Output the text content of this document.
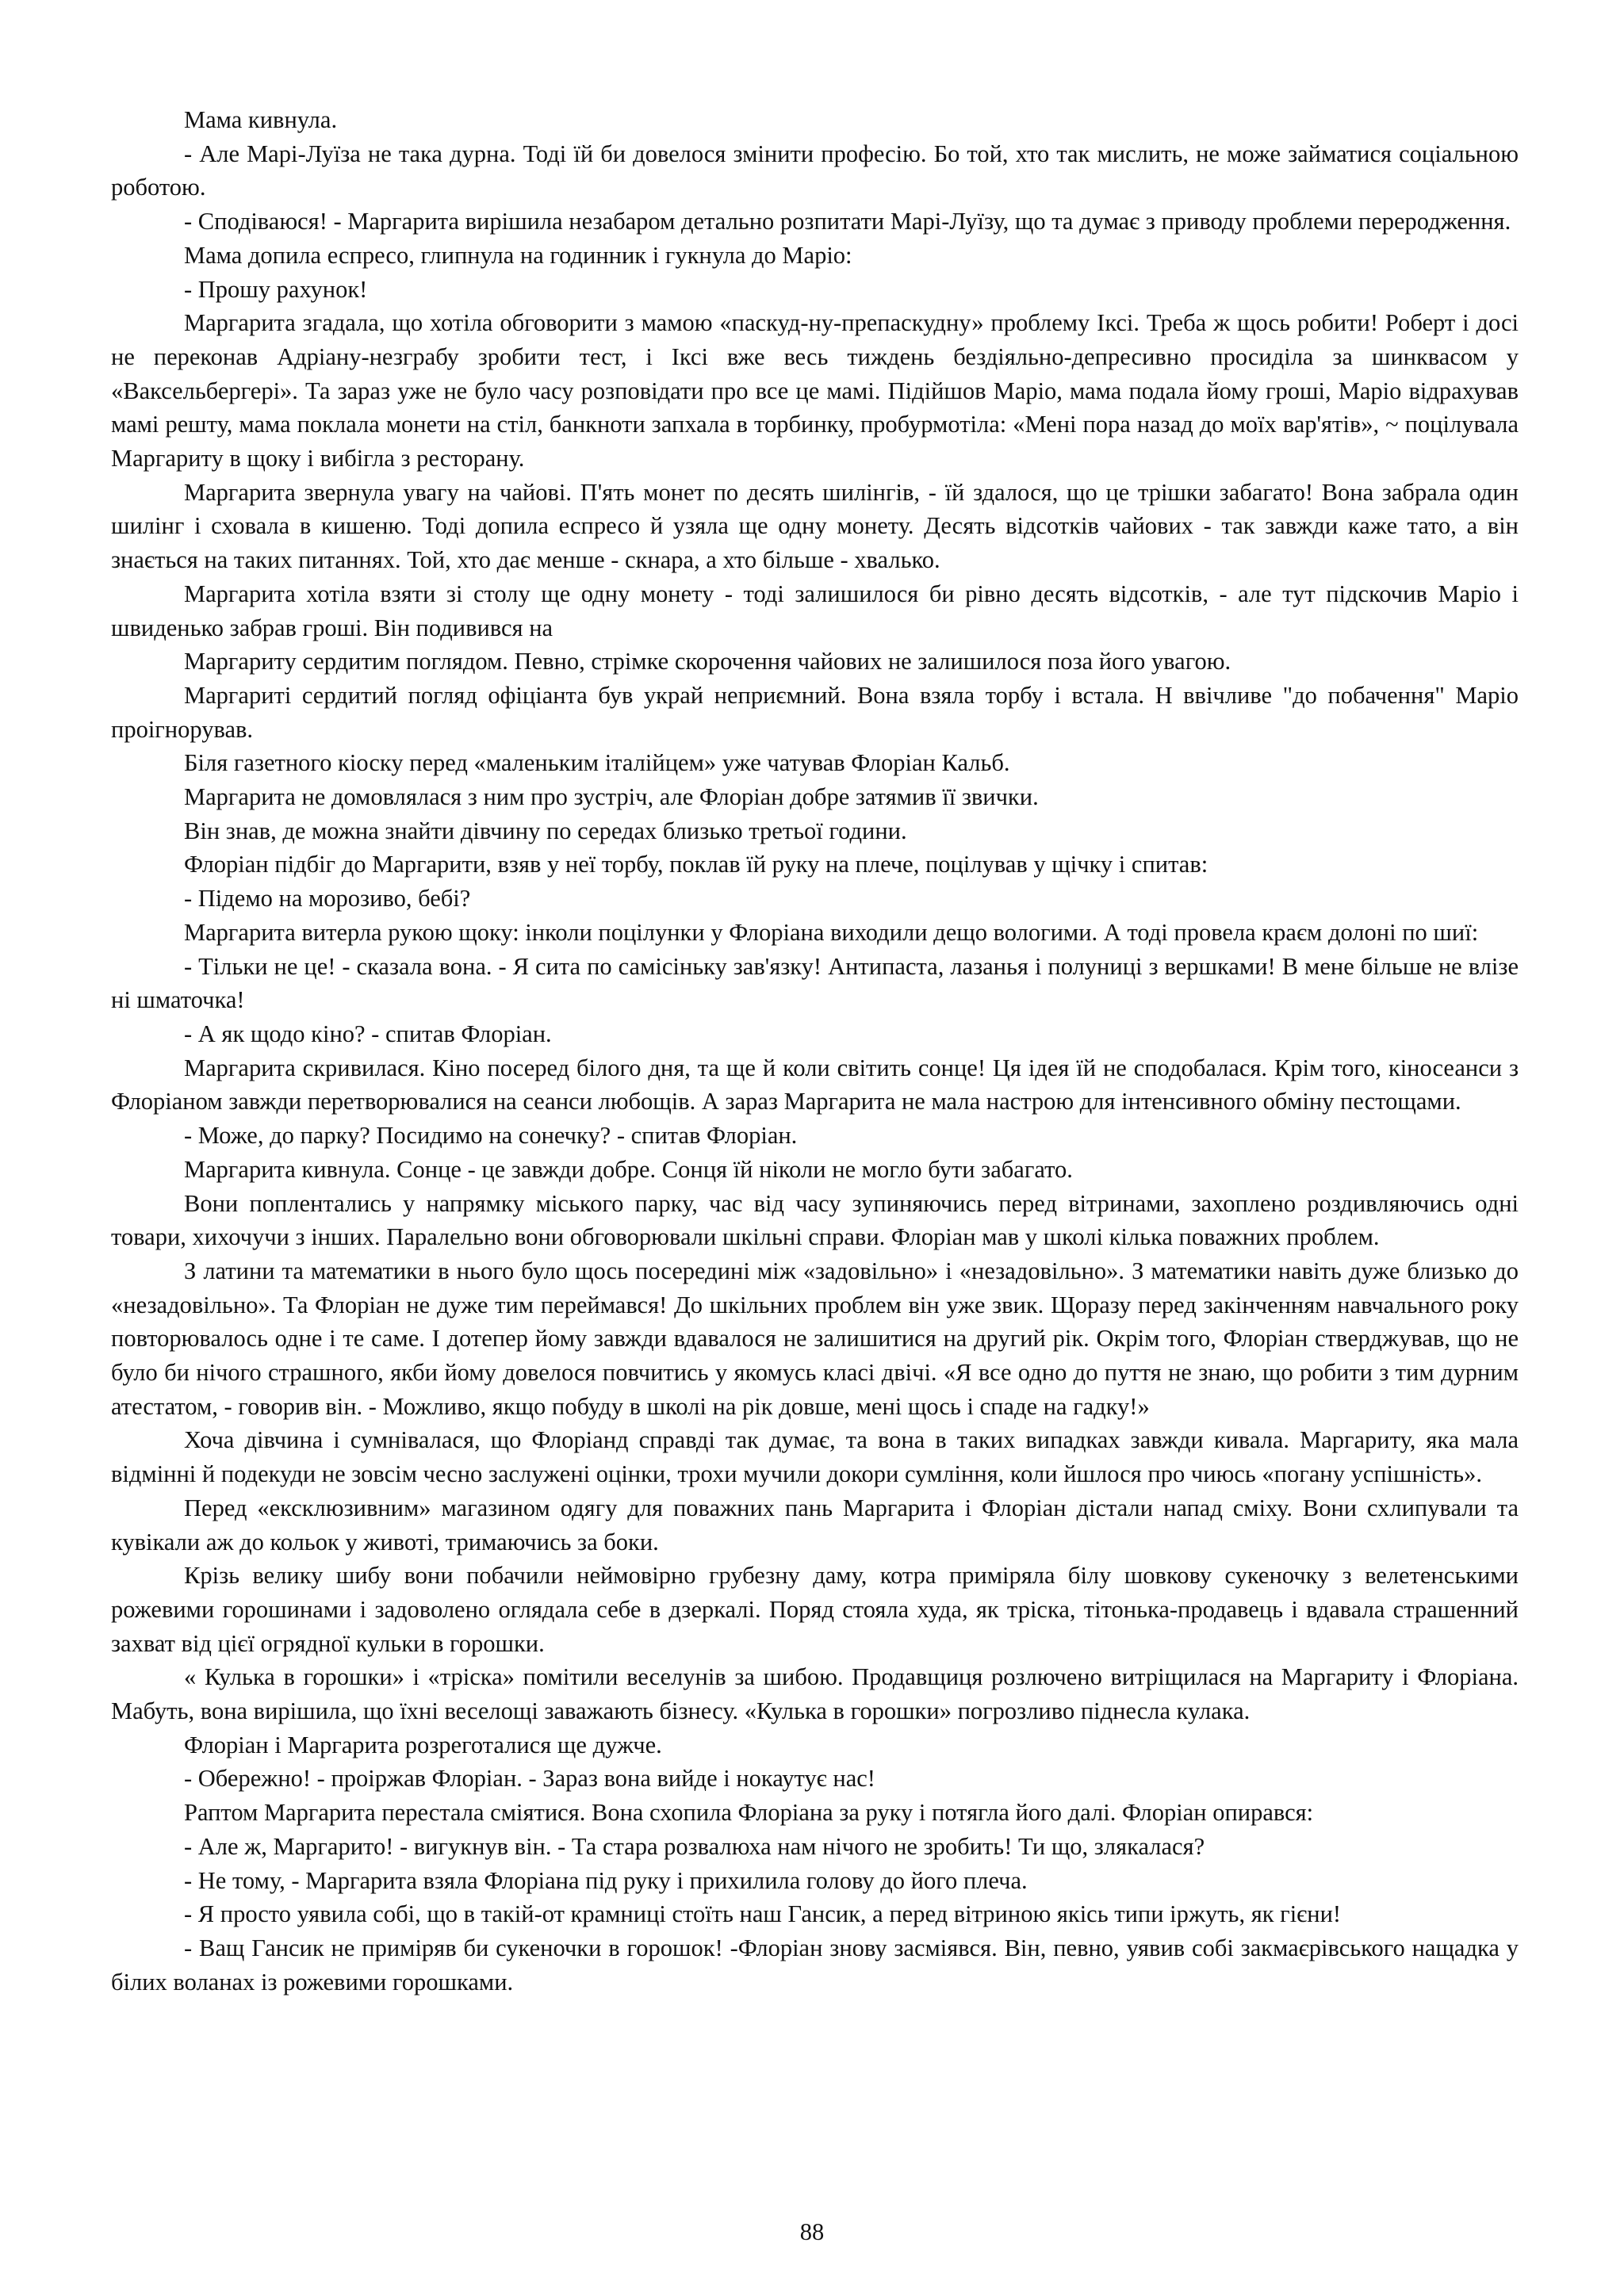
Мама кивнула.

- Але Марі-Луїза не така дурна. Тоді їй би довелося змінити професію. Бо той, хто так мислить, не може займатися соціальною роботою.

- Сподіваюся! - Маргарита вирішила незабаром детально розпитати Марі-Луїзу, що та думає з приводу проблеми переродження.

Мама допила еспресо, глипнула на годинник і гукнула до Маріо:

- Прошу рахунок!

Маргарита згадала, що хотіла обговорити з мамою «паскуд-ну-препаскудну» проблему Іксі. Треба ж щось робити! Роберт і досі не переконав Адріану-незграбу зробити тест, і Іксі вже весь тиждень бездіяльно-депресивно просиділа за шинквасом у «Ваксельбергері». Та зараз уже не було часу розповідати про все це мамі. Підійшов Маріо, мама подала йому гроші, Маріо відрахував мамі решту, мама поклала монети на стіл, банкноти запхала в торбинку, пробурмотіла: «Мені пора назад до моїх вар'ятів», ~ поцілувала Маргариту в щоку і вибігла з ресторану.

Маргарита звернула увагу на чайові. П'ять монет по десять шилінгів, - їй здалося, що це трішки забагато! Вона забрала один шилінг і сховала в кишеню. Тоді допила еспресо й узяла ще одну монету. Десять відсотків чайових - так завжди каже тато, а він знається на таких питаннях. Той, хто дає менше - скнара, а хто більше - хвалько.

Маргарита хотіла взяти зі столу ще одну монету - тоді залишилося би рівно десять відсотків, - але тут підскочив Маріо і швиденько забрав гроші. Він подивився на

Маргариту сердитим поглядом. Певно, стрімке скорочення чайових не залишилося поза його увагою.

Маргариті сердитий погляд офіціанта був украй неприємний. Вона взяла торбу і встала. Н ввічливе "до побачення" Маріо проігнорував.

Біля газетного кіоску перед «маленьким італійцем» уже чатував Флоріан Кальб.

Маргарита не домовлялася з ним про зустріч, але Флоріан добре затямив її звички.

Він знав, де можна знайти дівчину по середах близько третьої години.

Флоріан підбіг до Маргарити, взяв у неї торбу, поклав їй руку на плече, поцілував у щічку і спитав:

- Підемо на морозиво, бебі?

Маргарита витерла рукою щоку: інколи поцілунки у Флоріана виходили дещо вологими. А тоді провела краєм долоні по шиї:

- Тільки не це! - сказала вона. - Я сита по самісіньку зав'язку! Антипаста, лазанья і полуниці з вершками! В мене більше не влізе ні шматочка!

- А як щодо кіно? - спитав Флоріан.

Маргарита скривилася. Кіно посеред білого дня, та ще й коли світить сонце! Ця ідея їй не сподобалася. Крім того, кіносеанси з Флоріаном завжди перетворювалися на сеанси любощів. А зараз Маргарита не мала настрою для інтенсивного обміну пестощами.

- Може, до парку? Посидимо на сонечку? - спитав Флоріан.

Маргарита кивнула. Сонце - це завжди добре. Сонця їй ніколи не могло бути забагато.

Вони поплентались у напрямку міського парку, час від часу зупиняючись перед вітринами, захоплено роздивляючись одні товари, хихочучи з інших. Паралельно вони обговорювали шкільні справи. Флоріан мав у школі кілька поважних проблем.

З латини та математики в нього було щось посередині між «задовільно» і «незадовільно». З математики навіть дуже близько до «незадовільно». Та Флоріан не дуже тим переймався! До шкільних проблем він уже звик. Щоразу перед закінченням навчального року повторювалось одне і те саме. І дотепер йому завжди вдавалося не залишитися на другий рік. Окрім того, Флоріан стверджував, що не було би нічого страшного, якби йому довелося повчитись у якомусь класі двічі. «Я все одно до пуття не знаю, що робити з тим дурним атестатом, - говорив він. - Можливо, якщо побуду в школі на рік довше, мені щось і спаде на гадку!»

Хоча дівчина і сумнівалася, що Флоріанд справді так думає, та вона в таких випадках завжди кивала. Маргариту, яка мала відмінні й подекуди не зовсім чесно заслужені оцінки, трохи мучили докори сумління, коли йшлося про чиюсь «погану успішність».

Перед «ексклюзивним» магазином одягу для поважних пань Маргарита і Флоріан дістали напад сміху. Вони схлипували та кувікали аж до кольок у животі, тримаючись за боки.

Крізь велику шибу вони побачили неймовірно грубезну даму, котра приміряла білу шовкову сукеночку з велетенськими рожевими горошинами і задоволено оглядала себе в дзеркалі. Поряд стояла худа, як тріска, тітонька-продавець і вдавала страшенний захват від цієї огрядної кульки в горошки.

« Кулька в горошки» і «тріска» помітили веселунів за шибою. Продавщиця розлючено витріщилася на Маргариту і Флоріана. Мабуть, вона вирішила, що їхні веселощі заважають бізнесу. «Кулька в горошки» погрозливо піднесла кулака.

Флоріан і Маргарита розреготалися ще дужче.

- Обережно! - проіржав Флоріан. - Зараз вона вийде і нокаутує нас!

Раптом Маргарита перестала сміятися. Вона схопила Флоріана за руку і потягла його далі. Флоріан опирався:

- Але ж, Маргарито! - вигукнув він. - Та стара розвалюха нам нічого не зробить! Ти що, злякалася?

- Не тому, - Маргарита взяла Флоріана під руку і прихилила голову до його плеча.

- Я просто уявила собі, що в такій-от крамниці стоїть наш Гансик, а перед вітриною якісь типи іржуть, як гієни!

- Ващ Гансик не приміряв би сукеночки в горошок! -Флоріан знову засміявся. Він, певно, уявив собі закмаєрівського нащадка у білих воланах із рожевими горошками.

88
